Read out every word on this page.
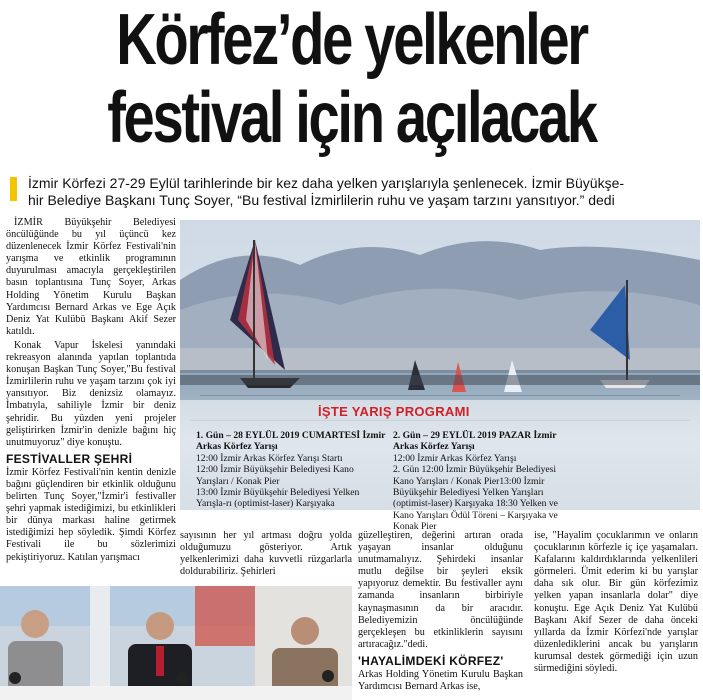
Körfez’de yelkenler
festival için açılacak

İzmir Körfezi 27-29 Eylül tarihlerinde bir kez daha yelken yarışlarıyla şenlenecek. İzmir Büyükşe-

hir Belediye Başkanı Tunç Soyer, “Bu festival İzmirlilerin ruhu ve yaşam tarzını yansıtıyor.” dedi

İZMİR Büyükşehir Belediyesi öncülüğünde bu yıl üçüncü kez düzenlenecek İzmir Körfez Festivali'nin yarışma ve etkinlik programının duyurulması amacıyla gerçekleştirilen basın toplantısına Tunç Soyer, Arkas Holding Yönetim Kurulu Başkan Yardımcısı Bernard Arkas ve Ege Açık Deniz Yat Kulübü Başkanı Akif Sezer katıldı.

Konak Vapur İskelesi yanındaki rekreasyon alanında yapılan toplantıda konuşan Başkan Tunç Soyer,"Bu festival İzmirlilerin ruhu ve yaşam tarzını çok iyi yansıtıyor. Biz denizsiz olamayız. İmbatıyla, sahiliyle İzmir bir deniz şehridir. Bu yüzden yeni projeler geliştirirken İzmir'in denizle bağını hiç unutmuyoruz" diye konuştu.

FESTİVALLER ŞEHRİ

İzmir Körfez Festivali'nin kentin denizle bağını güçlendiren bir etkinlik olduğunu belirten Tunç Soyer,"İzmir'i festivaller şehri yapmak istediğimizi, bu etkinlikleri bir dünya markası haline getirmek istediğimizi hep söyledik. Şimdi Körfez Festivali ile bu sözlerimizi pekiştiriyoruz. Katılan yarışmacı

İŞTE YARIŞ PROGRAMI
1. Gün – 28 EYLÜL 2019 CUMARTESİ İzmir Arkas Körfez Yarışı
12:00 İzmir Arkas Körfez Yarışı Startı
12:00 İzmir Büyükşehir Belediyesi Kano Yarışları / Konak Pier
13:00 İzmir Büyükşehir Belediyesi Yelken Yarışla-rı (optimist-laser) Karşıyaka
2. Gün – 29 EYLÜL 2019 PAZAR İzmir Arkas Körfez Yarışı
12:00 İzmir Arkas Körfez Yarışı
2. Gün 12:00 İzmir Büyükşehir Belediyesi Kano Yarışları / Konak Pier13:00 İzmir Büyükşehir Belediyesi Yelken Yarışları (optimist-laser) Karşıyaka 18:30 Yelken ve Kano Yarışları Ödül Töreni – Karşıyaka ve Konak Pier

sayısının her yıl artması doğru yolda olduğumuzu gösteriyor. Artık yelkenlerimizi daha kuvvetli rüzgarlarla doldurabiliriz. Şehirleri

güzelleştiren, değerini artıran orada yaşayan insanlar olduğunu unutmamalıyız. Şehirdeki insanlar mutlu değilse bir şeyleri eksik yapıyoruz demektir. Bu festivaller aynı zamanda insanların birbiriyle kaynaşmasının da bir aracıdır. Belediyemizin öncülüğünde gerçekleşen bu etkinliklerin sayısını artıracağız."dedi.

'HAYALİMDEKİ KÖRFEZ'

Arkas Holding Yönetim Kurulu Başkan Yardımcısı Bernard Arkas ise,

ise, "Hayalim çocuklarımın ve onların çocuklarının körfezle iç içe yaşamaları. Kafalarını kaldırdıklarında yelkenlileri görmeleri. Ümit ederim ki bu yarışlar daha sık olur. Bir gün körfezimiz yelken yapan insanlarla dolar" diye konuştu. Ege Açık Deniz Yat Kulübü Başkanı Akif Sezer de daha önceki yıllarda da İzmir Körfezi'nde yarışlar düzenlediklerini ancak bu yarışların kurumsal destek görmediği için uzun sürmediğini söyledi.
